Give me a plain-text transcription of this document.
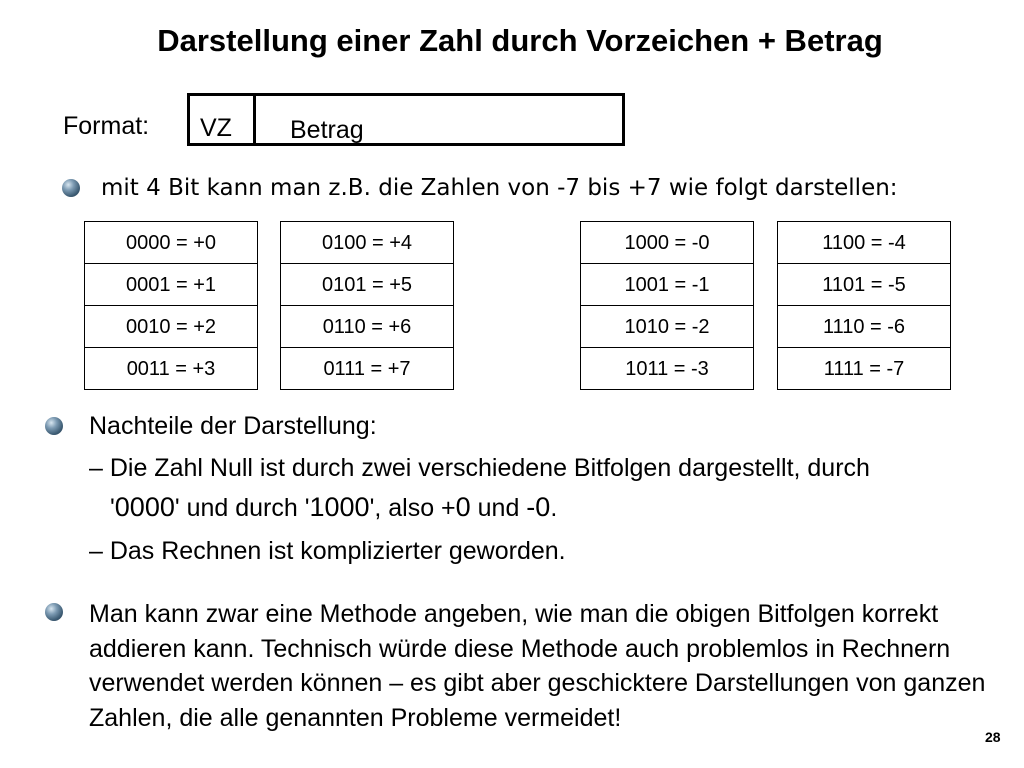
Darstellung einer Zahl durch Vorzeichen + Betrag
Format:	VZ	Betrag
mit 4 Bit kann man z.B. die Zahlen von -7 bis +7 wie folgt darstellen:
0000 = +0
0001 = +1
0010 = +2
0011 = +3
0100 = +4
0101 = +5
0110 = +6
0111 = +7
1000 = -0
1001 = -1
1010 = -2
1011 = -3
1100 = -4
1101 = -5
1110 = -6
1111 = -7
Nachteile der Darstellung:
– Die Zahl Null ist durch zwei verschiedene Bitfolgen dargestellt, durch
'0000' und durch '1000', also +0 und -0.
– Das Rechnen ist komplizierter geworden.
Man kann zwar eine Methode angeben, wie man die obigen Bitfolgen korrekt addieren kann. Technisch würde diese Methode auch problemlos in Rechnern verwendet werden können – es gibt aber geschicktere Darstellungen von ganzen Zahlen, die alle genannten Probleme vermeidet!
28
